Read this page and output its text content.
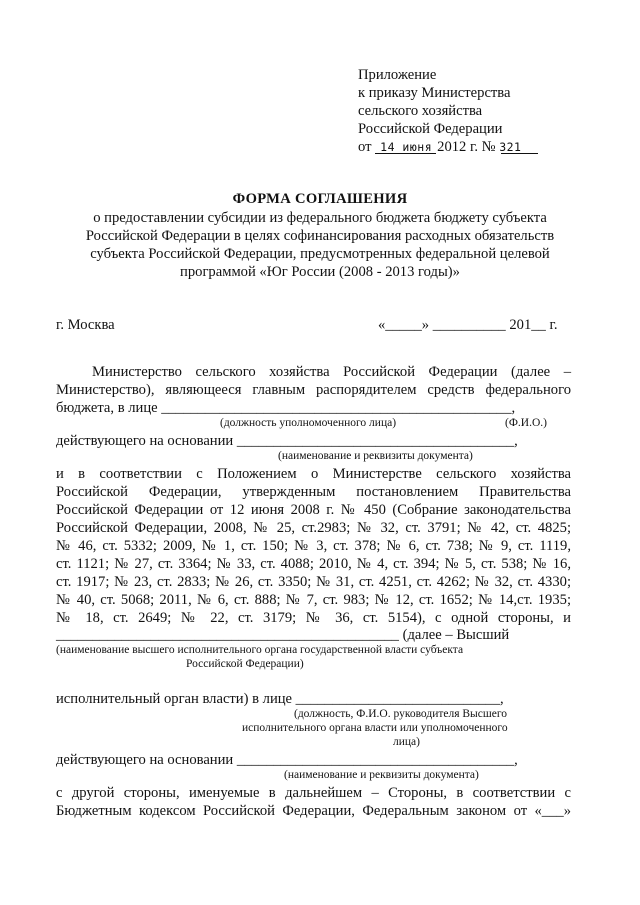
Приложение
к приказу Министерства
сельского хозяйства
Российской Федерации
от 14 июня 2012 г. № 321
ФОРМА СОГЛАШЕНИЯ
о предоставлении субсидии из федерального бюджета бюджету субъекта
Российской Федерации в целях софинансирования расходных обязательств
субъекта Российской Федерации, предусмотренных федеральной целевой
программой «Юг России (2008 - 2013 годы)»
г. Москва	«_____» __________ 201__ г.
Министерство сельского хозяйства Российской Федерации (далее –
Министерство), являющееся главным распорядителем средств федерального
бюджета, в лице ________________________________________________,
(должность уполномоченного лица)	(Ф.И.О.)
действующего на основании ______________________________________,
(наименование и реквизиты документа)
и в соответствии с Положением о Министерстве сельского хозяйства
Российской Федерации, утвержденным постановлением Правительства
Российской Федерации от 12 июня 2008 г. № 450 (Собрание законодательства
Российской Федерации, 2008, № 25, ст.2983; № 32, ст. 3791; № 42, ст. 4825;
№ 46, ст. 5332; 2009, № 1, ст. 150; № 3, ст. 378; № 6, ст. 738; № 9, ст. 1119,
ст. 1121; № 27, ст. 3364; № 33, ст. 4088; 2010, № 4, ст. 394; № 5, ст. 538; № 16,
ст. 1917; № 23, ст. 2833; № 26, ст. 3350; № 31, ст. 4251, ст. 4262; № 32, ст. 4330;
№ 40, ст. 5068; 2011, № 6, ст. 888; № 7, ст. 983; № 12, ст. 1652; № 14,ст. 1935;
№ 18, ст. 2649; № 22, ст. 3179; № 36, ст. 5154), с одной стороны, и
_______________________________________________ (далее – Высший
(наименование высшего исполнительного органа государственной власти субъекта
Российской Федерации)
исполнительный орган власти) в лице ____________________________,
(должность, Ф.И.О. руководителя Высшего
исполнительного органа власти или уполномоченного
лица)
действующего на основании ______________________________________,
(наименование и реквизиты документа)
с другой стороны, именуемые в дальнейшем – Стороны, в соответствии с
Бюджетным кодексом Российской Федерации, Федеральным законом от «___»
